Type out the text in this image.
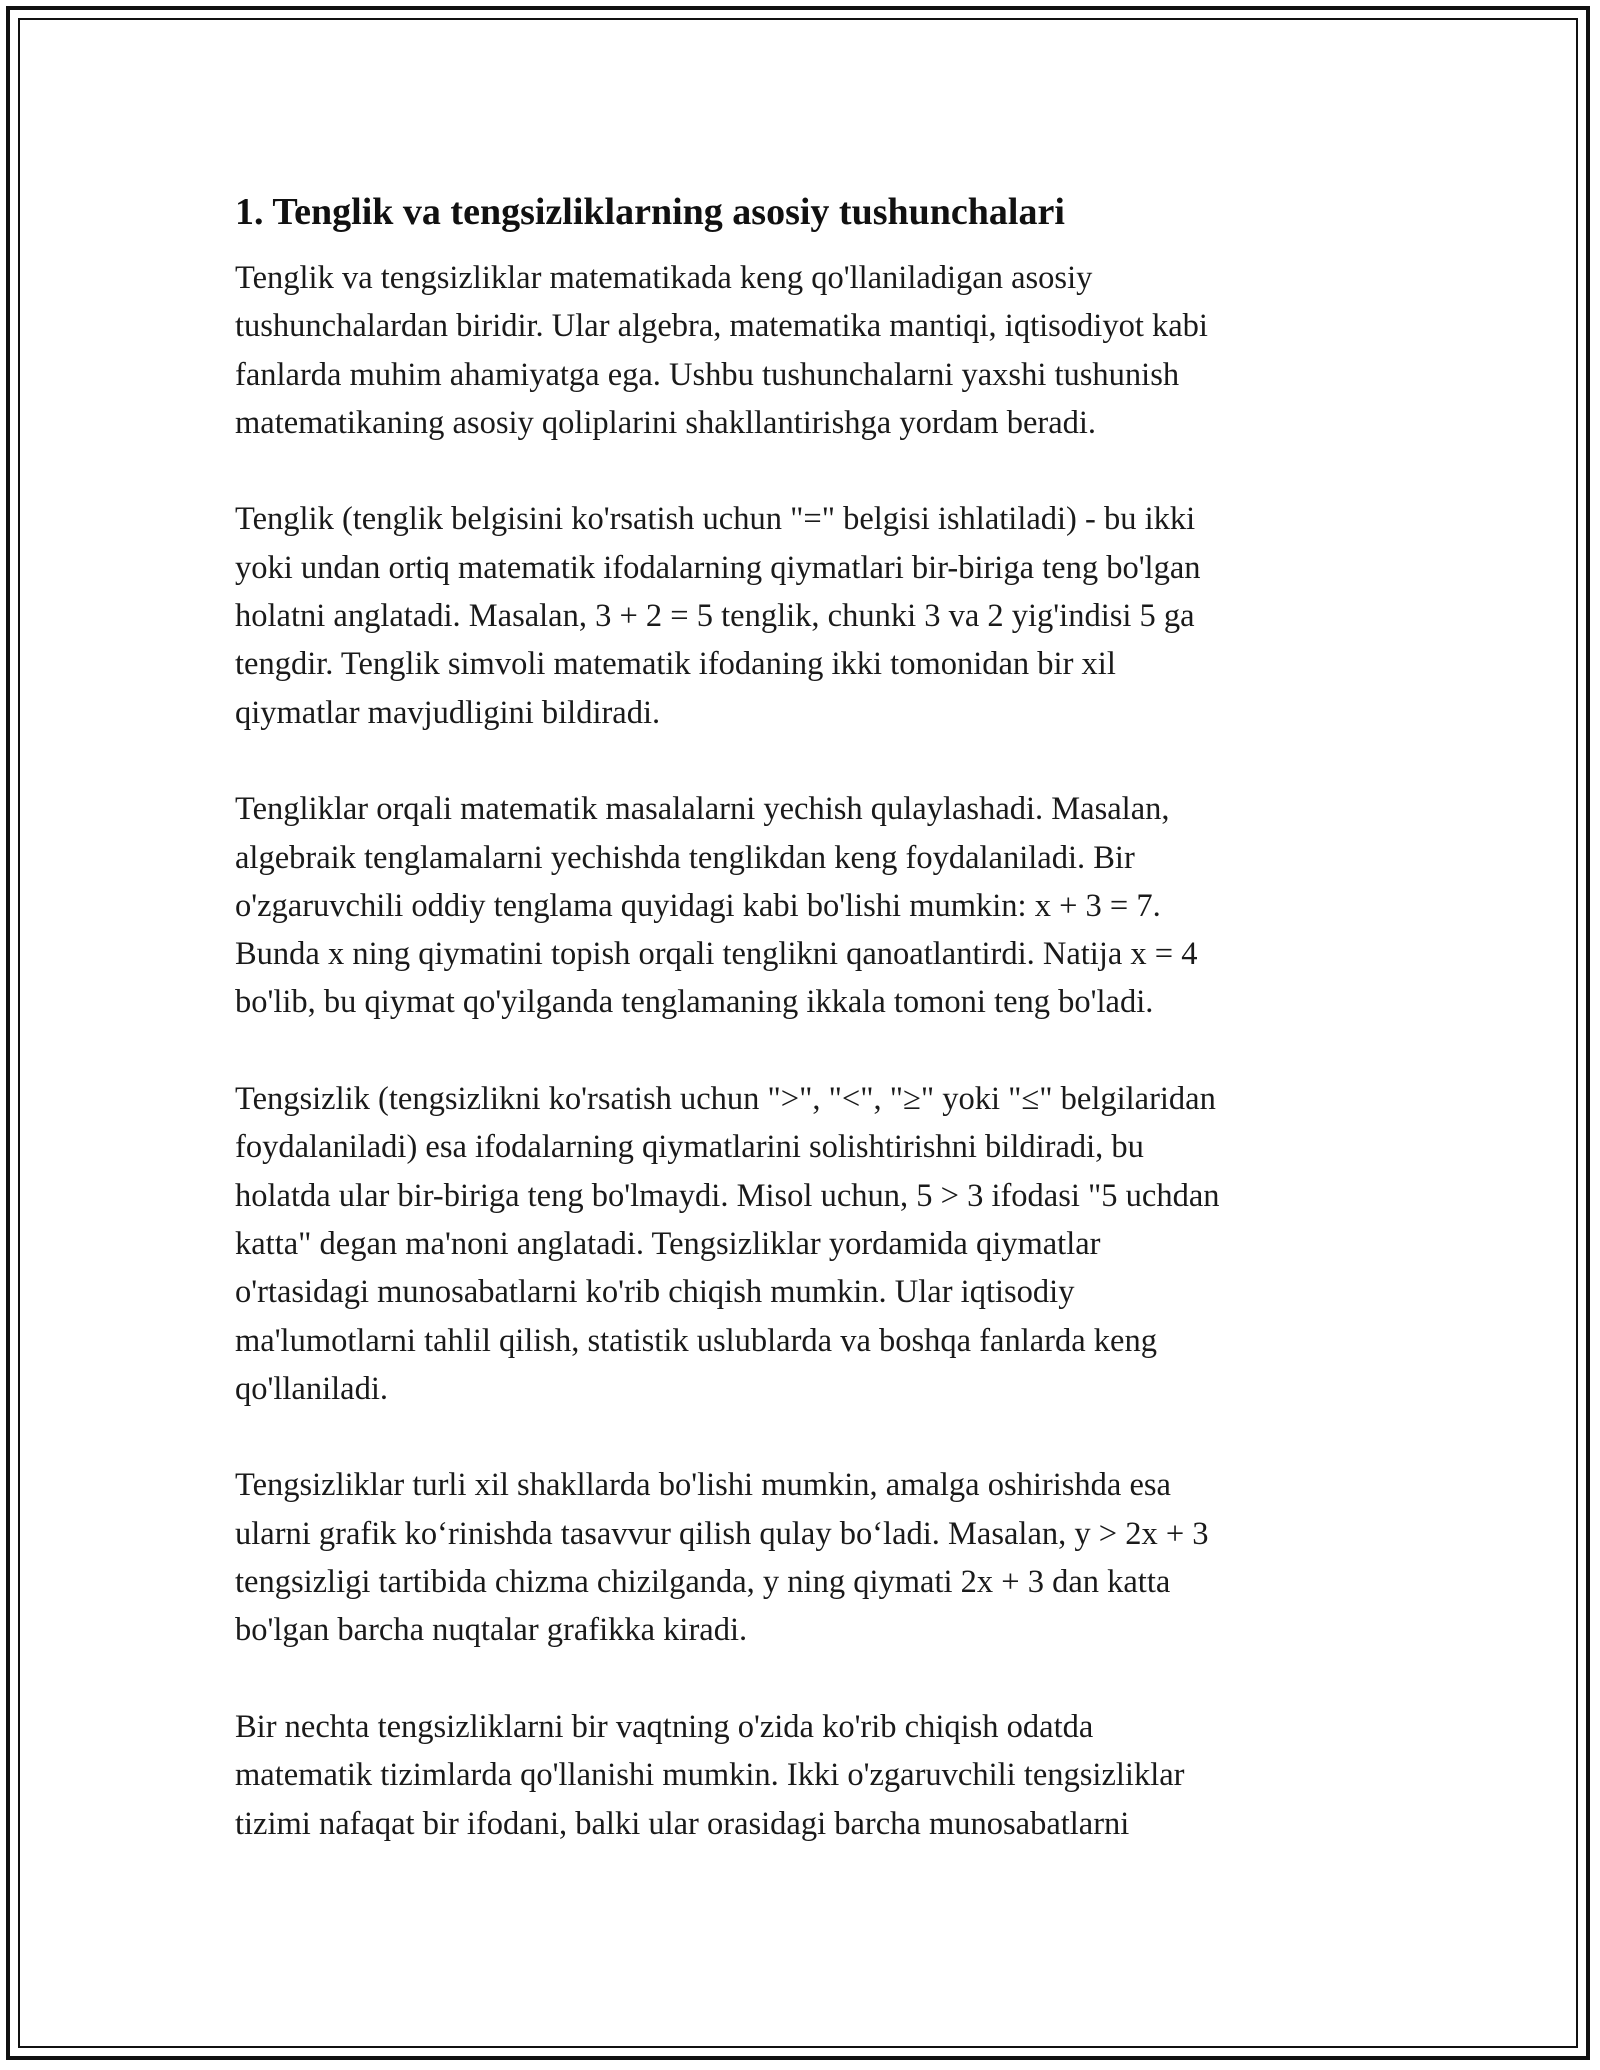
1. Tenglik va tengsizliklarning asosiy tushunchalari

Tenglik va tengsizliklar matematikada keng qo'llaniladigan asosiy
tushunchalardan biridir. Ular algebra, matematika mantiqi, iqtisodiyot kabi
fanlarda muhim ahamiyatga ega. Ushbu tushunchalarni yaxshi tushunish
matematikaning asosiy qoliplarini shakllantirishga yordam beradi.

Tenglik (tenglik belgisini ko'rsatish uchun "=" belgisi ishlatiladi) - bu ikki
yoki undan ortiq matematik ifodalarning qiymatlari bir-biriga teng bo'lgan
holatni anglatadi. Masalan, 3 + 2 = 5 tenglik, chunki 3 va 2 yig'indisi 5 ga
tengdir. Tenglik simvoli matematik ifodaning ikki tomonidan bir xil
qiymatlar mavjudligini bildiradi.

Tengliklar orqali matematik masalalarni yechish qulaylashadi. Masalan,
algebraik tenglamalarni yechishda tenglikdan keng foydalaniladi. Bir
o'zgaruvchili oddiy tenglama quyidagi kabi bo'lishi mumkin: x + 3 = 7.
Bunda x ning qiymatini topish orqali tenglikni qanoatlantirdi. Natija x = 4
bo'lib, bu qiymat qo'yilganda tenglamaning ikkala tomoni teng bo'ladi.

Tengsizlik (tengsizlikni ko'rsatish uchun ">", "<", "≥" yoki "≤" belgilaridan
foydalaniladi) esa ifodalarning qiymatlarini solishtirishni bildiradi, bu
holatda ular bir-biriga teng bo'lmaydi. Misol uchun, 5 > 3 ifodasi "5 uchdan
katta" degan ma'noni anglatadi. Tengsizliklar yordamida qiymatlar
o'rtasidagi munosabatlarni ko'rib chiqish mumkin. Ular iqtisodiy
ma'lumotlarni tahlil qilish, statistik uslublarda va boshqa fanlarda keng
qo'llaniladi.

Tengsizliklar turli xil shakllarda bo'lishi mumkin, amalga oshirishda esa
ularni grafik ko‘rinishda tasavvur qilish qulay bo‘ladi. Masalan, y > 2x + 3
tengsizligi tartibida chizma chizilganda, y ning qiymati 2x + 3 dan katta
bo'lgan barcha nuqtalar grafikka kiradi.

Bir nechta tengsizliklarni bir vaqtning o'zida ko'rib chiqish odatda
matematik tizimlarda qo'llanishi mumkin. Ikki o'zgaruvchili tengsizliklar
tizimi nafaqat bir ifodani, balki ular orasidagi barcha munosabatlarni
